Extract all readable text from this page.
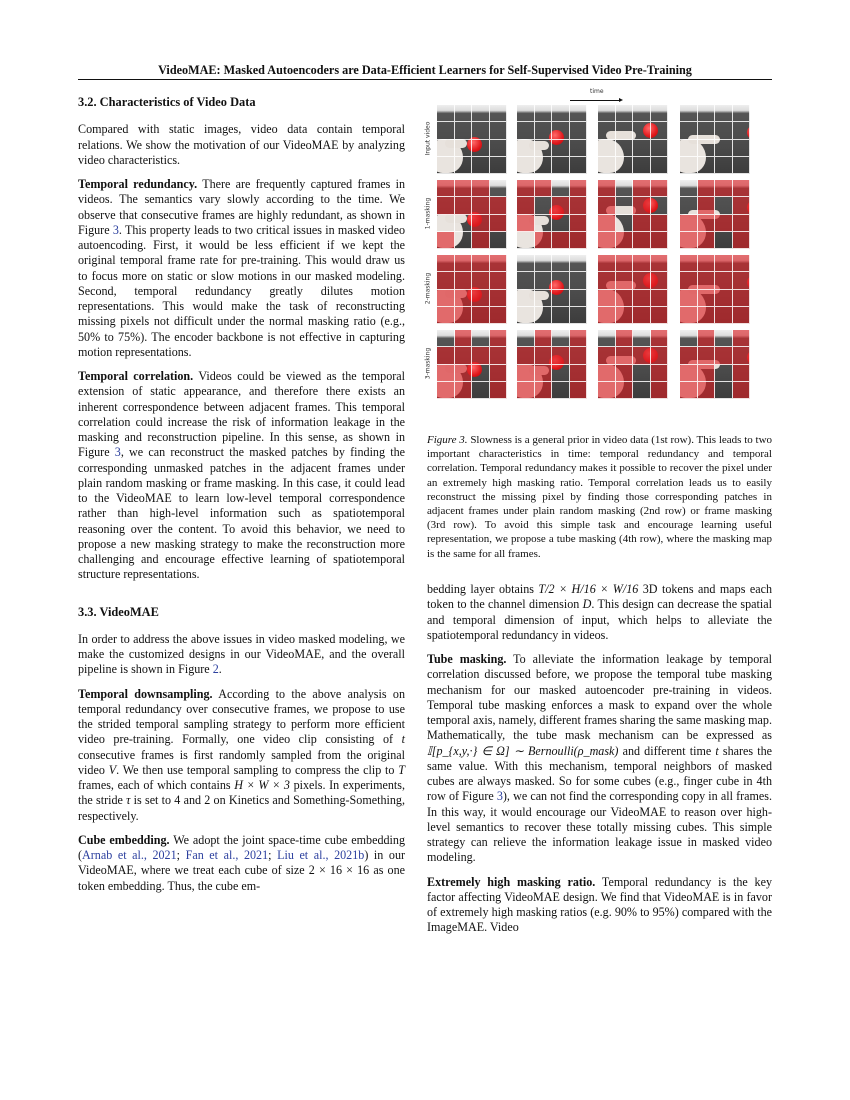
VideoMAE: Masked Autoencoders are Data-Efficient Learners for Self-Supervised Video Pre-Training
3.2. Characteristics of Video Data

Compared with static images, video data contain temporal relations. We show the motivation of our VideoMAE by analyzing video characteristics.

Temporal redundancy. There are frequently captured frames in videos. The semantics vary slowly according to the time. We observe that consecutive frames are highly redundant, as shown in Figure 3. This property leads to two critical issues in masked video autoencoding. First, it would be less efficient if we kept the original temporal frame rate for pre-training. This would draw us to focus more on static or slow motions in our masked modeling. Second, temporal redundancy greatly dilutes motion representations. This would make the task of reconstructing missing pixels not difficult under the normal masking ratio (e.g., 50% to 75%). The encoder backbone is not effective in capturing motion representations.

Temporal correlation. Videos could be viewed as the temporal extension of static appearance, and therefore there exists an inherent correspondence between adjacent frames. This temporal correlation could increase the risk of information leakage in the masking and reconstruction pipeline. In this sense, as shown in Figure 3, we can reconstruct the masked patches by finding the corresponding unmasked patches in the adjacent frames under plain random masking or frame masking. In this case, it could lead to the VideoMAE to learn low-level temporal correspondence rather than high-level information such as spatiotemporal reasoning over the content. To avoid this behavior, we need to propose a new masking strategy to make the reconstruction more challenging and encourage effective learning of spatiotemporal structure representations.

3.3. VideoMAE

In order to address the above issues in video masked modeling, we make the customized designs in our VideoMAE, and the overall pipeline is shown in Figure 2.

Temporal downsampling. According to the above analysis on temporal redundancy over consecutive frames, we propose to use the strided temporal sampling strategy to perform more efficient video pre-training. Formally, one video clip consisting of t consecutive frames is first randomly sampled from the original video V. We then use temporal sampling to compress the clip to T frames, each of which contains H × W × 3 pixels. In experiments, the stride τ is set to 4 and 2 on Kinetics and Something-Something, respectively.

Cube embedding. We adopt the joint space-time cube embedding (Arnab et al., 2021; Fan et al., 2021; Liu et al., 2021b) in our VideoMAE, where we treat each cube of size 2 × 16 × 16 as one token embedding. Thus, the cube em-

time
Input video
1-masking
2-masking
3-masking
Figure 3. Slowness is a general prior in video data (1st row). This leads to two important characteristics in time: temporal redundancy and temporal correlation. Temporal redundancy makes it possible to recover the pixel under an extremely high masking ratio. Temporal correlation leads us to easily reconstruct the missing pixel by finding those corresponding patches in adjacent frames under plain random masking (2nd row) or frame masking (3rd row). To avoid this simple task and encourage learning useful representation, we propose a tube masking (4th row), where the masking map is the same for all frames.

bedding layer obtains T/2 × H/16 × W/16 3D tokens and maps each token to the channel dimension D. This design can decrease the spatial and temporal dimension of input, which helps to alleviate the spatiotemporal redundancy in videos.

Tube masking. To alleviate the information leakage by temporal correlation discussed before, we propose the temporal tube masking mechanism for our masked autoencoder pre-training in videos. Temporal tube masking enforces a mask to expand over the whole temporal axis, namely, different frames sharing the same masking map. Mathematically, the tube mask mechanism can be expressed as 𝕀[p_{x,y,·} ∈ Ω] ∼ Bernoulli(ρ_mask) and different time t shares the same value. With this mechanism, temporal neighbors of masked cubes are always masked. So for some cubes (e.g., finger cube in 4th row of Figure 3), we can not find the corresponding copy in all frames. In this way, it would encourage our VideoMAE to reason over high-level semantics to recover these totally missing cubes. This simple strategy can relieve the information leakage issue in masked video modeling.

Extremely high masking ratio. Temporal redundancy is the key factor affecting VideoMAE design. We find that VideoMAE is in favor of extremely high masking ratios (e.g. 90% to 95%) compared with the ImageMAE. Video
